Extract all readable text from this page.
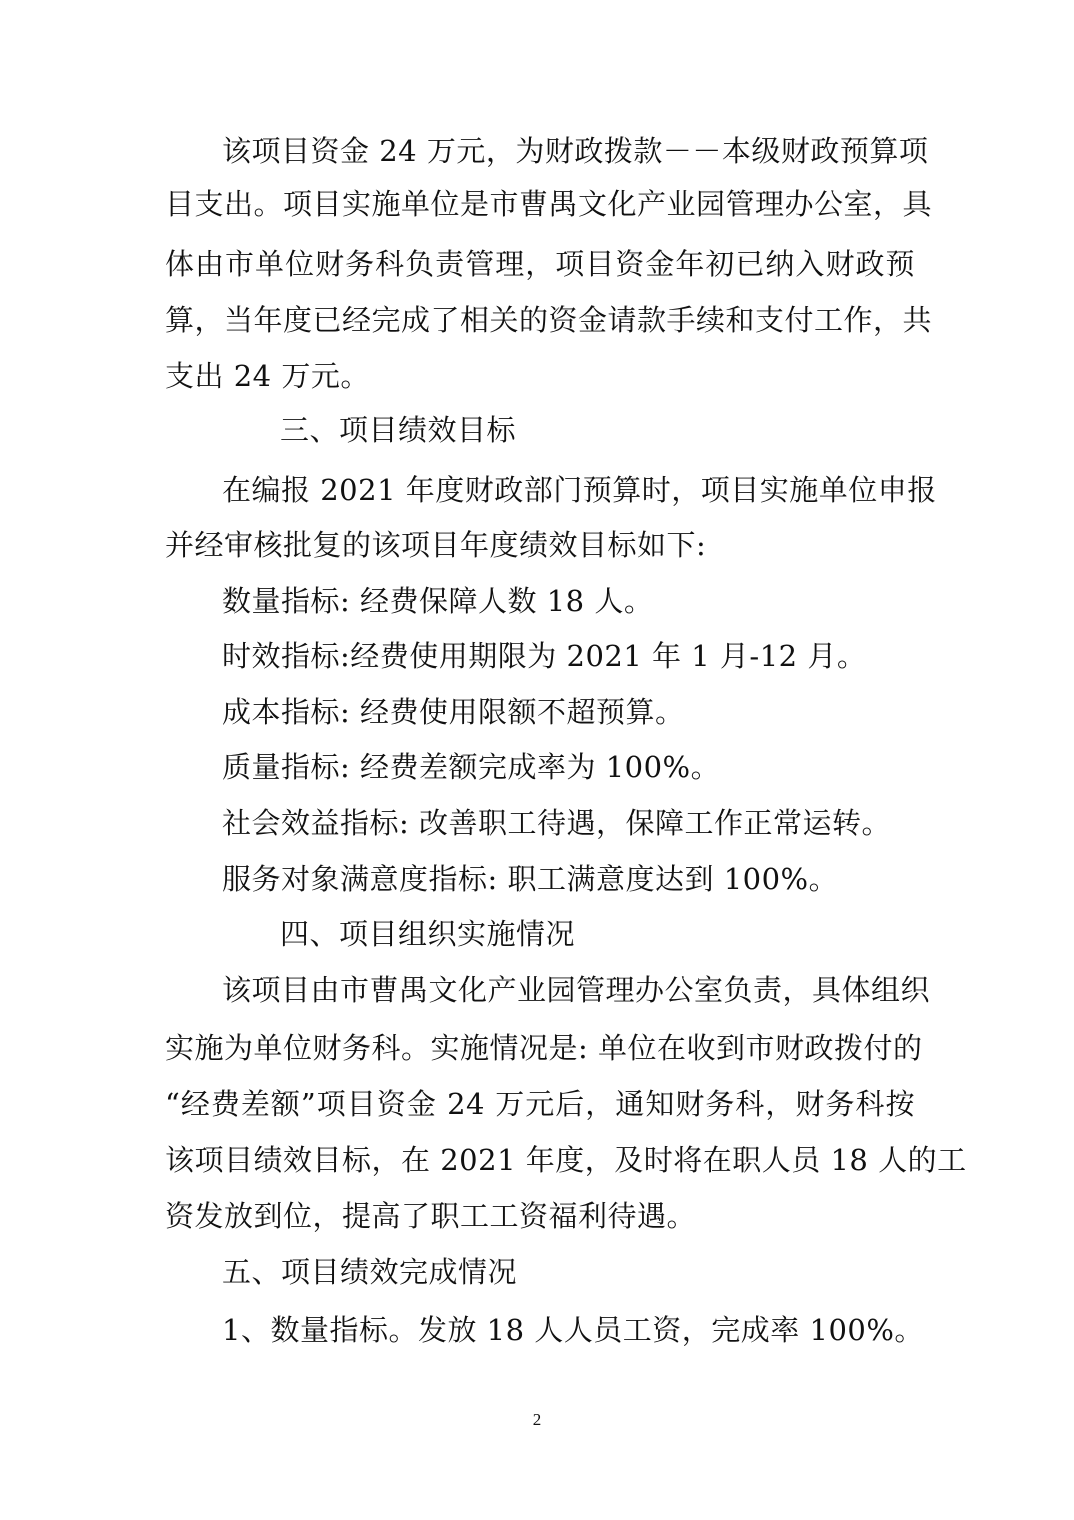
该项目资金 24 万元，为财政拨款－－本级财政预算项
目支出。项目实施单位是市曹禺文化产业园管理办公室，具
体由市单位财务科负责管理，项目资金年初已纳入财政预
算，当年度已经完成了相关的资金请款手续和支付工作，共
支出 24 万元。
三、项目绩效目标
在编报 2021 年度财政部门预算时，项目实施单位申报
并经审核批复的该项目年度绩效目标如下:
数量指标: 经费保障人数 18 人。
时效指标:经费使用期限为 2021 年 1 月-12 月。
成本指标: 经费使用限额不超预算。
质量指标: 经费差额完成率为 100%。
社会效益指标: 改善职工待遇，保障工作正常运转。
服务对象满意度指标: 职工满意度达到 100%。
四、项目组织实施情况
该项目由市曹禺文化产业园管理办公室负责，具体组织
实施为单位财务科。实施情况是: 单位在收到市财政拨付的
“经费差额”项目资金 24 万元后，通知财务科，财务科按
该项目绩效目标，在 2021 年度，及时将在职人员 18 人的工
资发放到位，提高了职工工资福利待遇。
五、项目绩效完成情况
1、数量指标。发放 18 人人员工资，完成率 100%。
2
